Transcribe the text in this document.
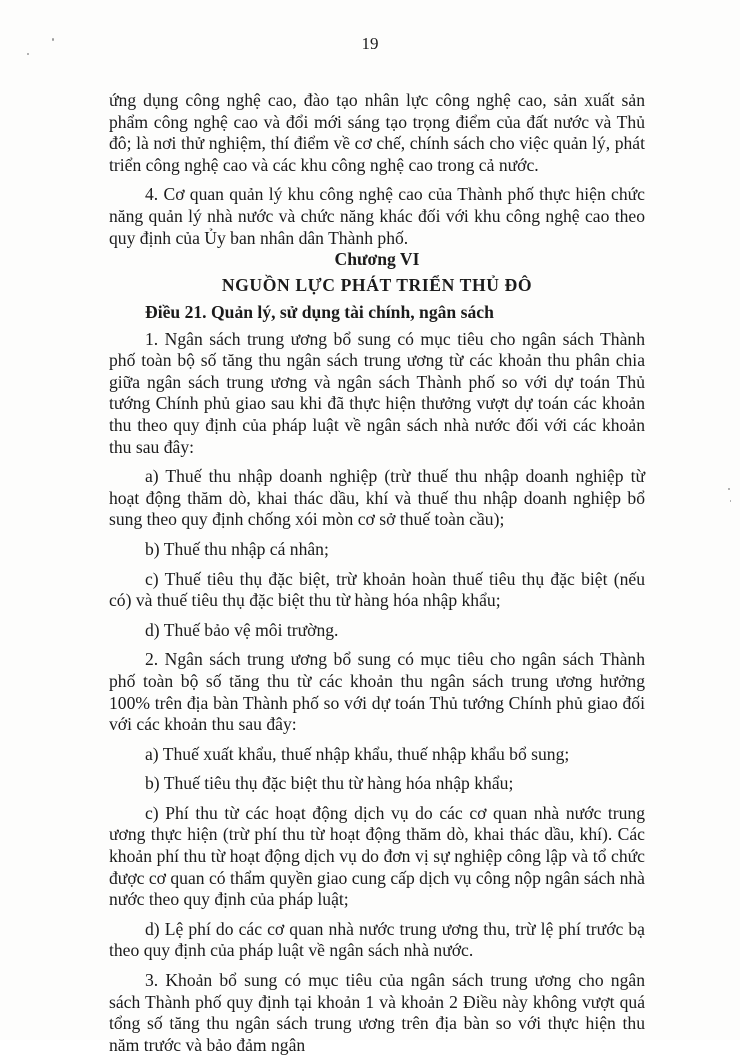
19

ứng dụng công nghệ cao, đào tạo nhân lực công nghệ cao, sản xuất sản phẩm công nghệ cao và đổi mới sáng tạo trọng điểm của đất nước và Thủ đô; là nơi thử nghiệm, thí điểm về cơ chế, chính sách cho việc quản lý, phát triển công nghệ cao và các khu công nghệ cao trong cả nước.

4. Cơ quan quản lý khu công nghệ cao của Thành phố thực hiện chức năng quản lý nhà nước và chức năng khác đối với khu công nghệ cao theo quy định của Ủy ban nhân dân Thành phố.

Chương VI
NGUỒN LỰC PHÁT TRIỂN THỦ ĐÔ

Điều 21. Quản lý, sử dụng tài chính, ngân sách

1. Ngân sách trung ương bổ sung có mục tiêu cho ngân sách Thành phố toàn bộ số tăng thu ngân sách trung ương từ các khoản thu phân chia giữa ngân sách trung ương và ngân sách Thành phố so với dự toán Thủ tướng Chính phủ giao sau khi đã thực hiện thưởng vượt dự toán các khoản thu theo quy định của pháp luật về ngân sách nhà nước đối với các khoản thu sau đây:

a) Thuế thu nhập doanh nghiệp (trừ thuế thu nhập doanh nghiệp từ hoạt động thăm dò, khai thác dầu, khí và thuế thu nhập doanh nghiệp bổ sung theo quy định chống xói mòn cơ sở thuế toàn cầu);

b) Thuế thu nhập cá nhân;

c) Thuế tiêu thụ đặc biệt, trừ khoản hoàn thuế tiêu thụ đặc biệt (nếu có) và thuế tiêu thụ đặc biệt thu từ hàng hóa nhập khẩu;

d) Thuế bảo vệ môi trường.

2. Ngân sách trung ương bổ sung có mục tiêu cho ngân sách Thành phố toàn bộ số tăng thu từ các khoản thu ngân sách trung ương hưởng 100% trên địa bàn Thành phố so với dự toán Thủ tướng Chính phủ giao đối với các khoản thu sau đây:

a) Thuế xuất khẩu, thuế nhập khẩu, thuế nhập khẩu bổ sung;

b) Thuế tiêu thụ đặc biệt thu từ hàng hóa nhập khẩu;

c) Phí thu từ các hoạt động dịch vụ do các cơ quan nhà nước trung ương thực hiện (trừ phí thu từ hoạt động thăm dò, khai thác dầu, khí). Các khoản phí thu từ hoạt động dịch vụ do đơn vị sự nghiệp công lập và tổ chức được cơ quan có thẩm quyền giao cung cấp dịch vụ công nộp ngân sách nhà nước theo quy định của pháp luật;

d) Lệ phí do các cơ quan nhà nước trung ương thu, trừ lệ phí trước bạ theo quy định của pháp luật về ngân sách nhà nước.

3. Khoản bổ sung có mục tiêu của ngân sách trung ương cho ngân sách Thành phố quy định tại khoản 1 và khoản 2 Điều này không vượt quá tổng số tăng thu ngân sách trung ương trên địa bàn so với thực hiện thu năm trước và bảo đảm ngân
